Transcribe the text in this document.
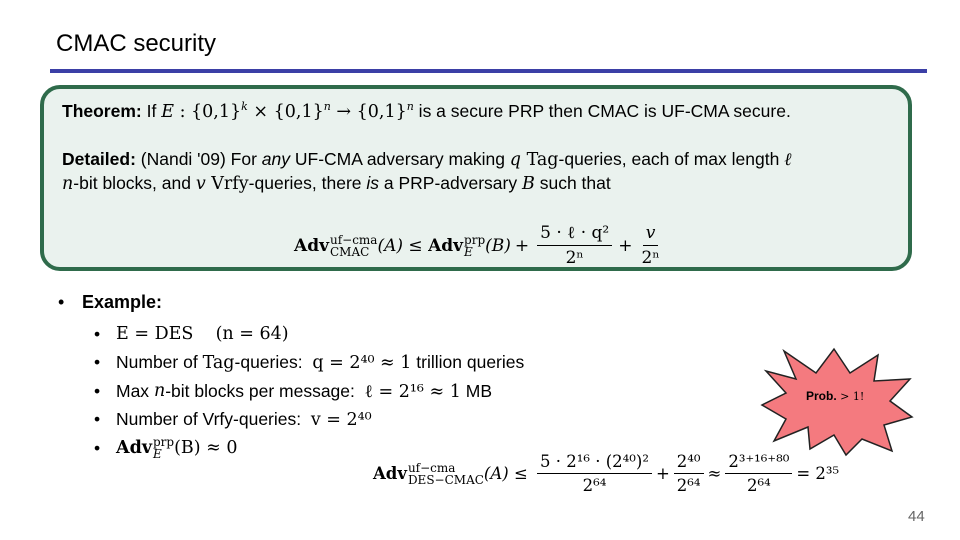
CMAC security
Theorem: If E : $\{0,1\}^k \times \{0,1\}^n \to \{0,1\}^n$ is a secure PRP then CMAC is UF-CMA secure.
Detailed: (Nandi '09) For any UF-CMA adversary making q Tag-queries, each of max length ℓ
n-bit blocks, and v Vrfy-queries, there is a PRP-adversary B such that
Adv uf−cma
CMAC (A) ≤ Adv prp
E $(B) + \frac{\text{5 · ℓ · q²}}{\text{2ⁿ}} + \frac{v}{\text{2ⁿ}}$
• Example:
• E = DES    (n = 64)
• Number of Tag -queries: q = 2⁴⁰ ≈ 1 trillion queries
• Max n -bit blocks per message: ℓ = 2¹⁶ ≈ 1 MB
• Number of Vrfy-queries: v = 2⁴⁰
• Adv prp
E (B) ≈ 0
Adv uf−cma
DES−CMAC $(A) \le \frac{\text{5 · 2¹⁶ · (2⁴⁰)²}}{\text{2⁶⁴}} + \frac{\text{2⁴⁰}}{\text{2⁶⁴}} \approx \frac{\text{2³⁺¹⁶⁺⁸⁰}}{\text{2⁶⁴}} = 2^{35}$
Prob. > 1!
44
